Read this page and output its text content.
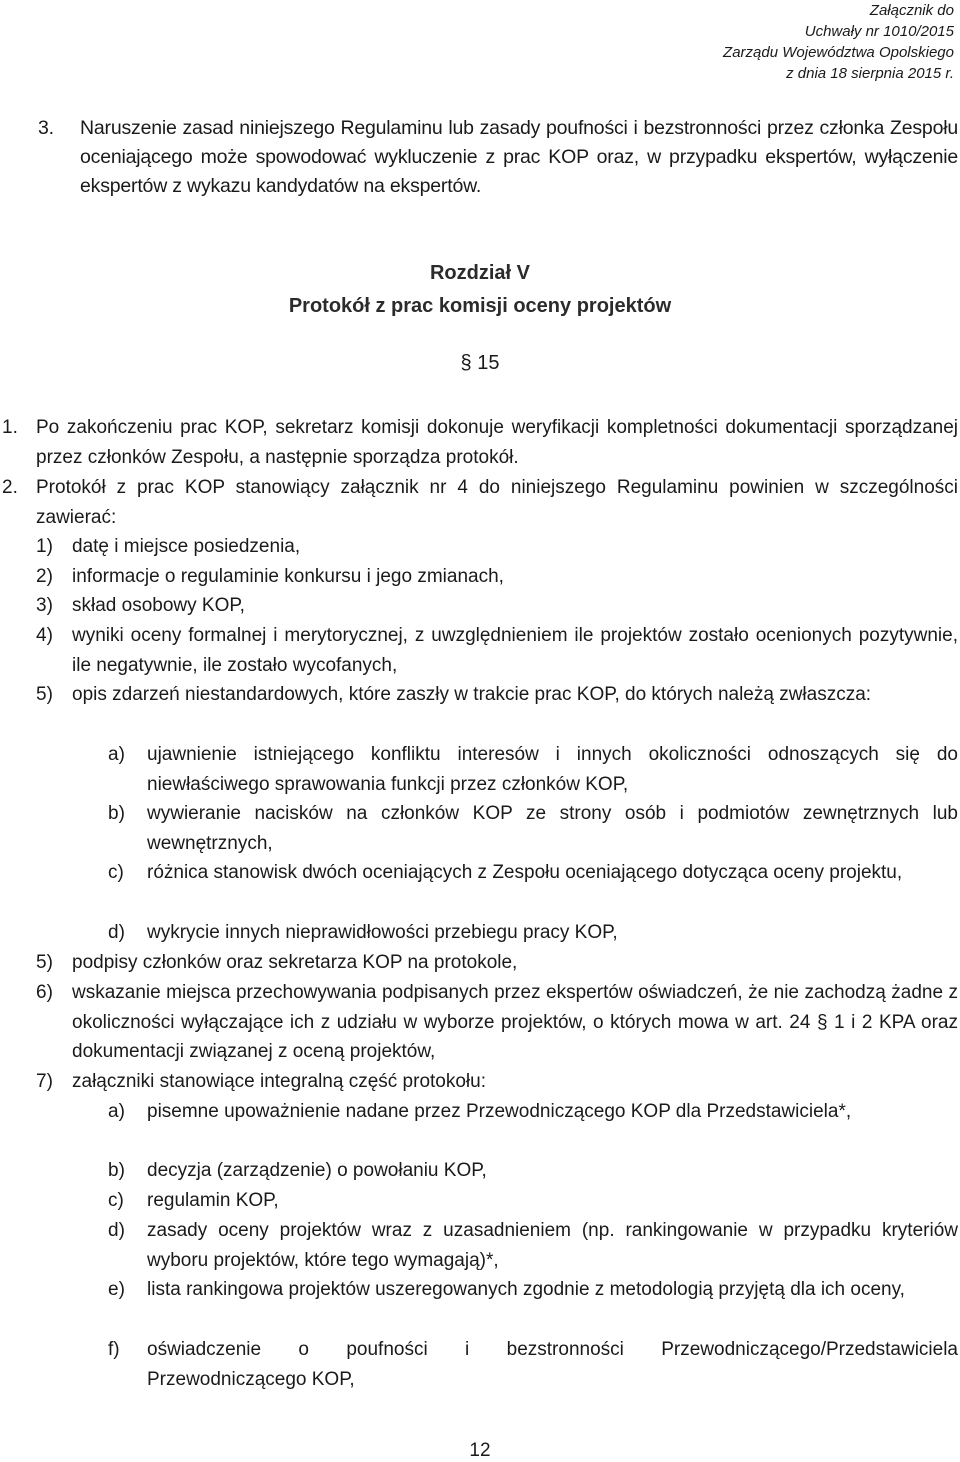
Załącznik do
Uchwały nr 1010/2015
Zarządu Województwa Opolskiego
z dnia 18 sierpnia 2015 r.
3. Naruszenie zasad niniejszego Regulaminu lub zasady poufności i bezstronności przez członka Zespołu oceniającego może spowodować wykluczenie z prac KOP oraz, w przypadku ekspertów, wyłączenie ekspertów z wykazu kandydatów na ekspertów.
Rozdział V
Protokół z prac komisji oceny projektów
§ 15
1. Po zakończeniu prac KOP, sekretarz komisji dokonuje weryfikacji kompletności dokumentacji sporządzanej przez członków Zespołu, a następnie sporządza protokół.
2. Protokół z prac KOP stanowiący załącznik nr 4 do niniejszego Regulaminu powinien w szczególności zawierać:
1) datę i miejsce posiedzenia,
2) informacje o regulaminie konkursu i jego zmianach,
3) skład osobowy KOP,
4) wyniki oceny formalnej i merytorycznej, z uwzględnieniem ile projektów zostało ocenionych pozytywnie, ile negatywnie, ile zostało wycofanych,
5) opis zdarzeń niestandardowych, które zaszły w trakcie prac KOP, do których należą zwłaszcza:
a) ujawnienie istniejącego konfliktu interesów i innych okoliczności odnoszących się do niewłaściwego sprawowania funkcji przez członków KOP,
b) wywieranie nacisków na członków KOP ze strony osób i podmiotów zewnętrznych lub wewnętrznych,
c) różnica stanowisk dwóch oceniających z Zespołu oceniającego dotycząca oceny projektu,
d) wykrycie innych nieprawidłowości przebiegu pracy KOP,
5) podpisy członków oraz sekretarza KOP na protokole,
6) wskazanie miejsca przechowywania podpisanych przez ekspertów oświadczeń, że nie zachodzą żadne z okoliczności wyłączające ich z udziału w wyborze projektów, o których mowa w art. 24 § 1 i 2 KPA oraz dokumentacji związanej z oceną projektów,
7) załączniki stanowiące integralną część protokołu:
a) pisemne upoważnienie nadane przez Przewodniczącego KOP dla Przedstawiciela*,
b) decyzja (zarządzenie) o powołaniu KOP,
c) regulamin KOP,
d) zasady oceny projektów wraz z uzasadnieniem (np. rankingowanie w przypadku kryteriów wyboru projektów, które tego wymagają)*,
e) lista rankingowa projektów uszeregowanych zgodnie z metodologią przyjętą dla ich oceny,
f) oświadczenie o poufności i bezstronności Przewodniczącego/Przedstawiciela Przewodniczącego KOP,
12
